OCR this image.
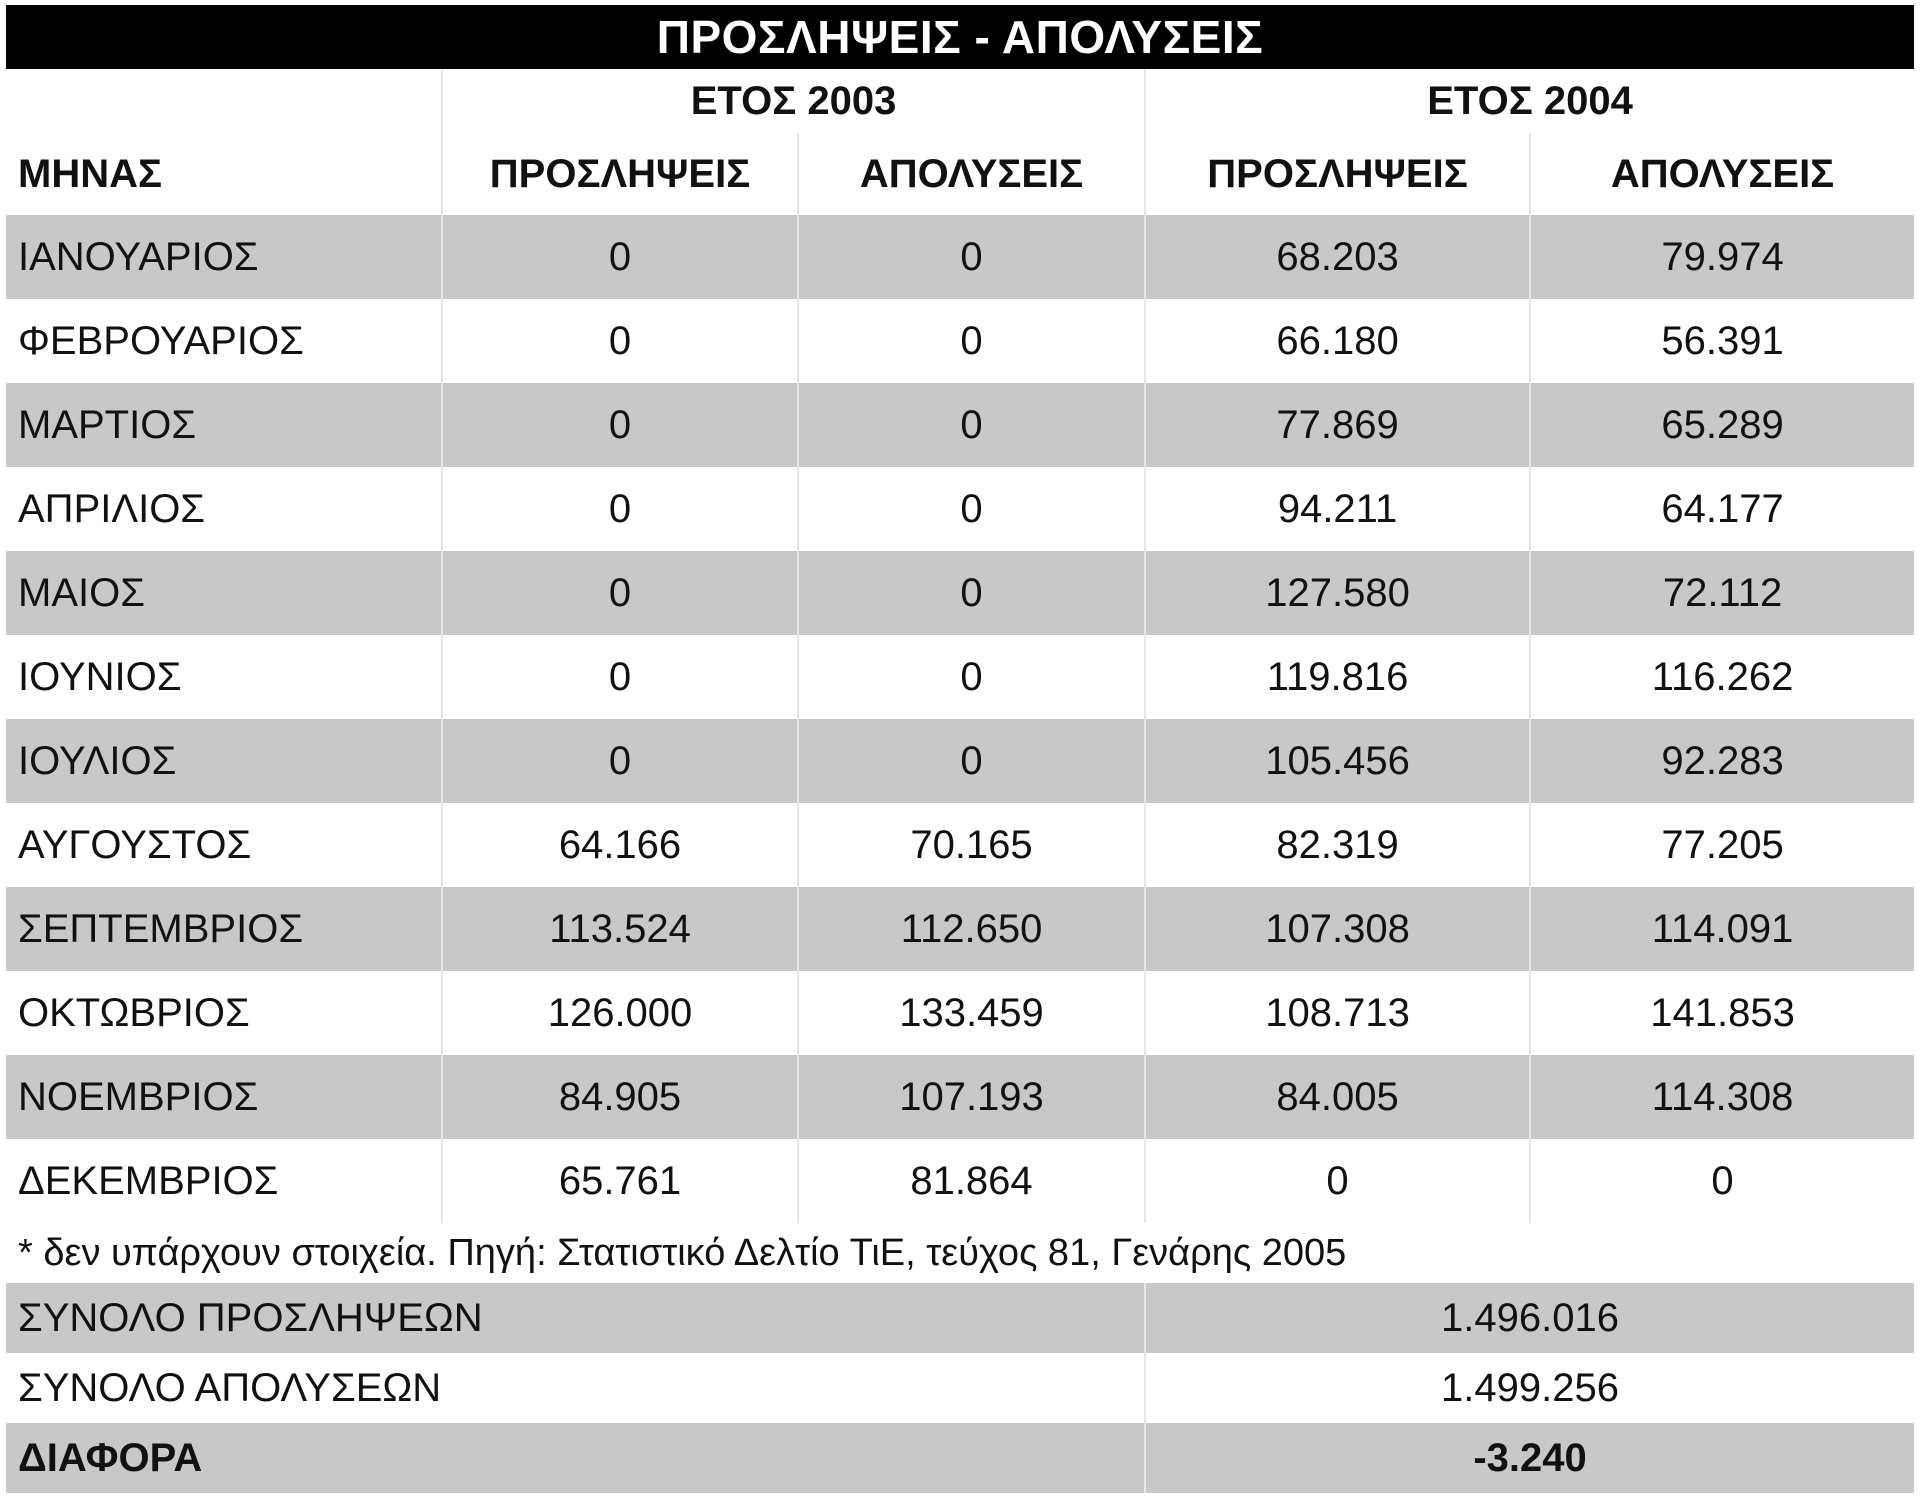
ΠΡΟΣΛΗΨΕΙΣ - ΑΠΟΛΥΣΕΙΣ
	ΕΤΟΣ 2003		ΕΤΟΣ 2004	
ΜΗΝΑΣ	ΠΡΟΣΛΗΨΕΙΣ	ΑΠΟΛΥΣΕΙΣ	ΠΡΟΣΛΗΨΕΙΣ	ΑΠΟΛΥΣΕΙΣ
ΙΑΝΟΥΑΡΙΟΣ	0	0	68.203	79.974
ΦΕΒΡΟΥΑΡΙΟΣ	0	0	66.180	56.391
ΜΑΡΤΙΟΣ	0	0	77.869	65.289
ΑΠΡΙΛΙΟΣ	0	0	94.211	64.177
ΜΑΙΟΣ	0	0	127.580	72.112
ΙΟΥΝΙΟΣ	0	0	119.816	116.262
ΙΟΥΛΙΟΣ	0	0	105.456	92.283
ΑΥΓΟΥΣΤΟΣ	64.166	70.165	82.319	77.205
ΣΕΠΤΕΜΒΡΙΟΣ	113.524	112.650	107.308	114.091
ΟΚΤΩΒΡΙΟΣ	126.000	133.459	108.713	141.853
ΝΟΕΜΒΡΙΟΣ	84.905	107.193	84.005	114.308
ΔΕΚΕΜΒΡΙΟΣ	65.761	81.864	0	0
* δεν υπάρχουν στοιχεία. Πηγή: Στατιστικό Δελτίο ΤιΕ, τεύχος 81, Γενάρης 2005				
ΣΥΝΟΛΟ ΠΡΟΣΛΗΨΕΩΝ			1.496.016	
ΣΥΝΟΛΟ ΑΠΟΛΥΣΕΩΝ			1.499.256	
ΔΙΑΦΟΡΑ			-3.240	
